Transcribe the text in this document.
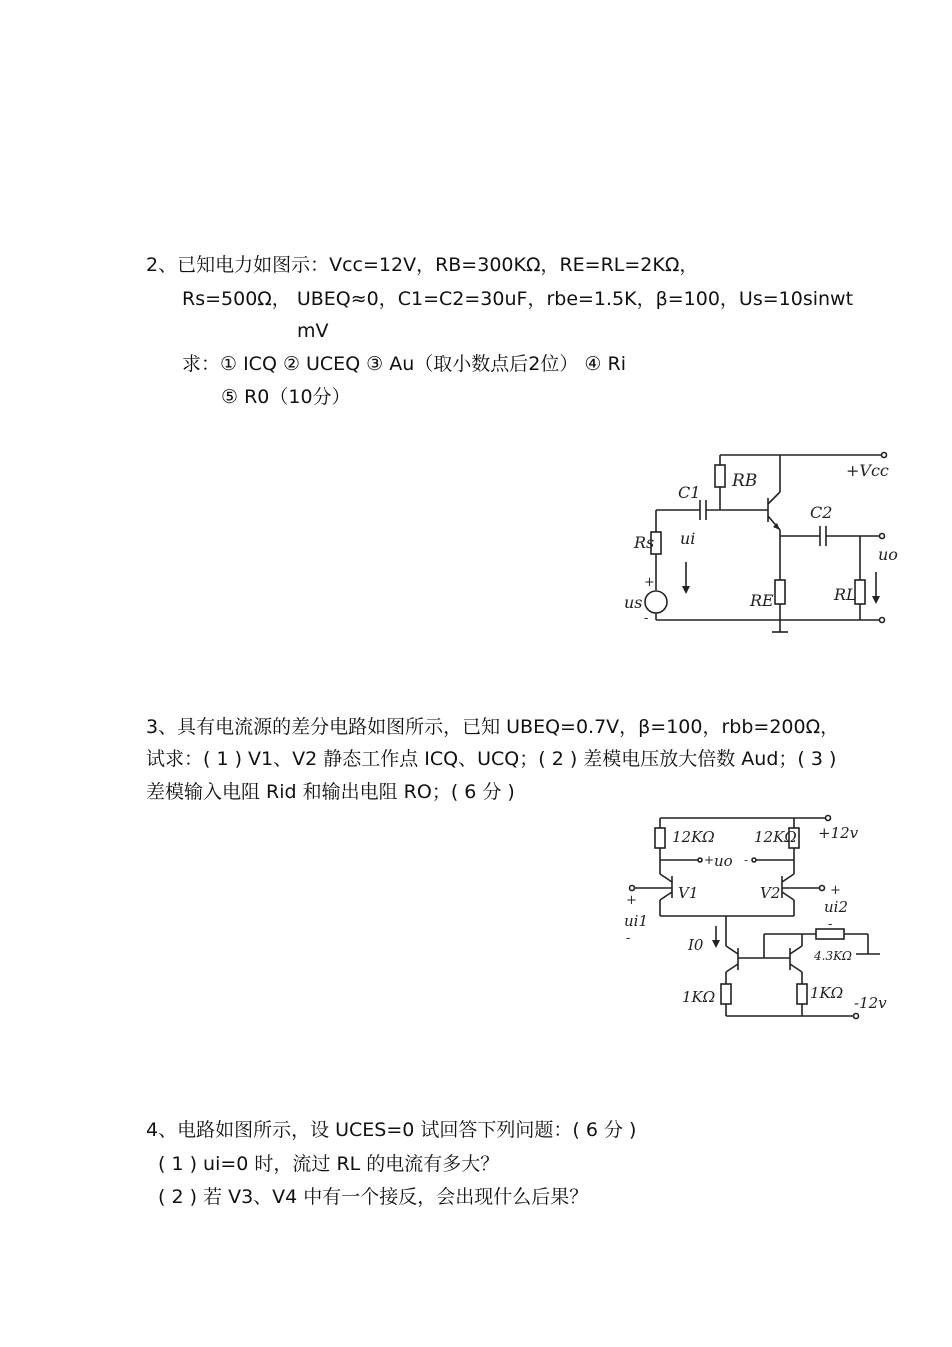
2、已知电力如图示：Vcc=12V，RB=300KΩ，RE=RL=2KΩ，
Rs=500Ω， UBEQ≈0，C1=C2=30uF，rbe=1.5K，β=100，Us=10sinwt
mV
求：① ICQ ② UCEQ ③ Au（取小数点后2位） ④ Ri
⑤ R0（10分）
RB
+Vcc
C1
C2
Rs ui
uo
us
+
-
RE	RL
3、具有电流源的差分电路如图所示，已知 UBEQ=0.7V，β=100，rbb=200Ω，
试求：( 1 ) V1、V2 静态工作点 ICQ、UCQ；( 2 ) 差模电压放大倍数 Aud；( 3 )
差模输入电阻 Rid 和输出电阻 RO；( 6 分 )
12KΩ	12KΩ +12v
uo
+ -
V1	V2
ui1
+
-
ui2
+
-
I0
4.3KΩ
1KΩ	1KΩ
-12v
4、电路如图所示，设 UCES=0 试回答下列问题：( 6 分 )
( 1 ) ui=0 时，流过 RL 的电流有多大？
( 2 ) 若 V3、V4 中有一个接反，会出现什么后果？
